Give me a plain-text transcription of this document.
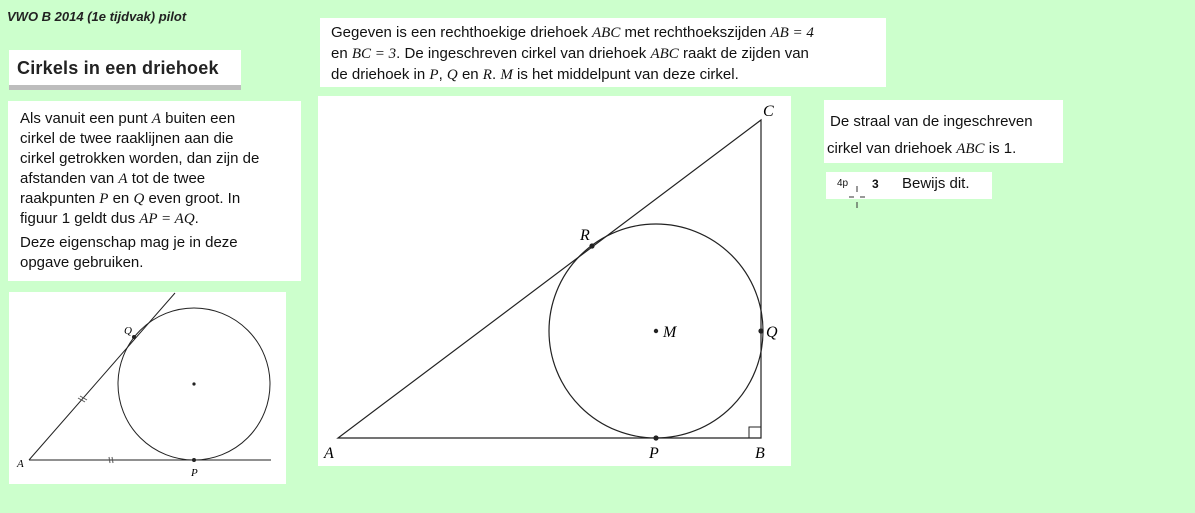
VWO B 2014 (1e tijdvak) pilot
Cirkels in een driehoek
Als vanuit een punt A buiten een
cirkel de twee raaklijnen aan die
cirkel getrokken worden, dan zijn de
afstanden van A tot de twee
raakpunten P en Q even groot. In
figuur 1 geldt dus AP = AQ.
Deze eigenschap mag je in deze
opgave gebruiken.
A
P
Q
Gegeven is een rechthoekige driehoek ABC met rechthoekszijden AB = 4
en BC = 3. De ingeschreven cirkel van driehoek ABC raakt de zijden van
de driehoek in P, Q en R. M is het middelpunt van deze cirkel.
A	B
C
P
Q
R
M
De straal van de ingeschreven
cirkel van driehoek ABC is 1.
4p 3 Bewijs dit.
